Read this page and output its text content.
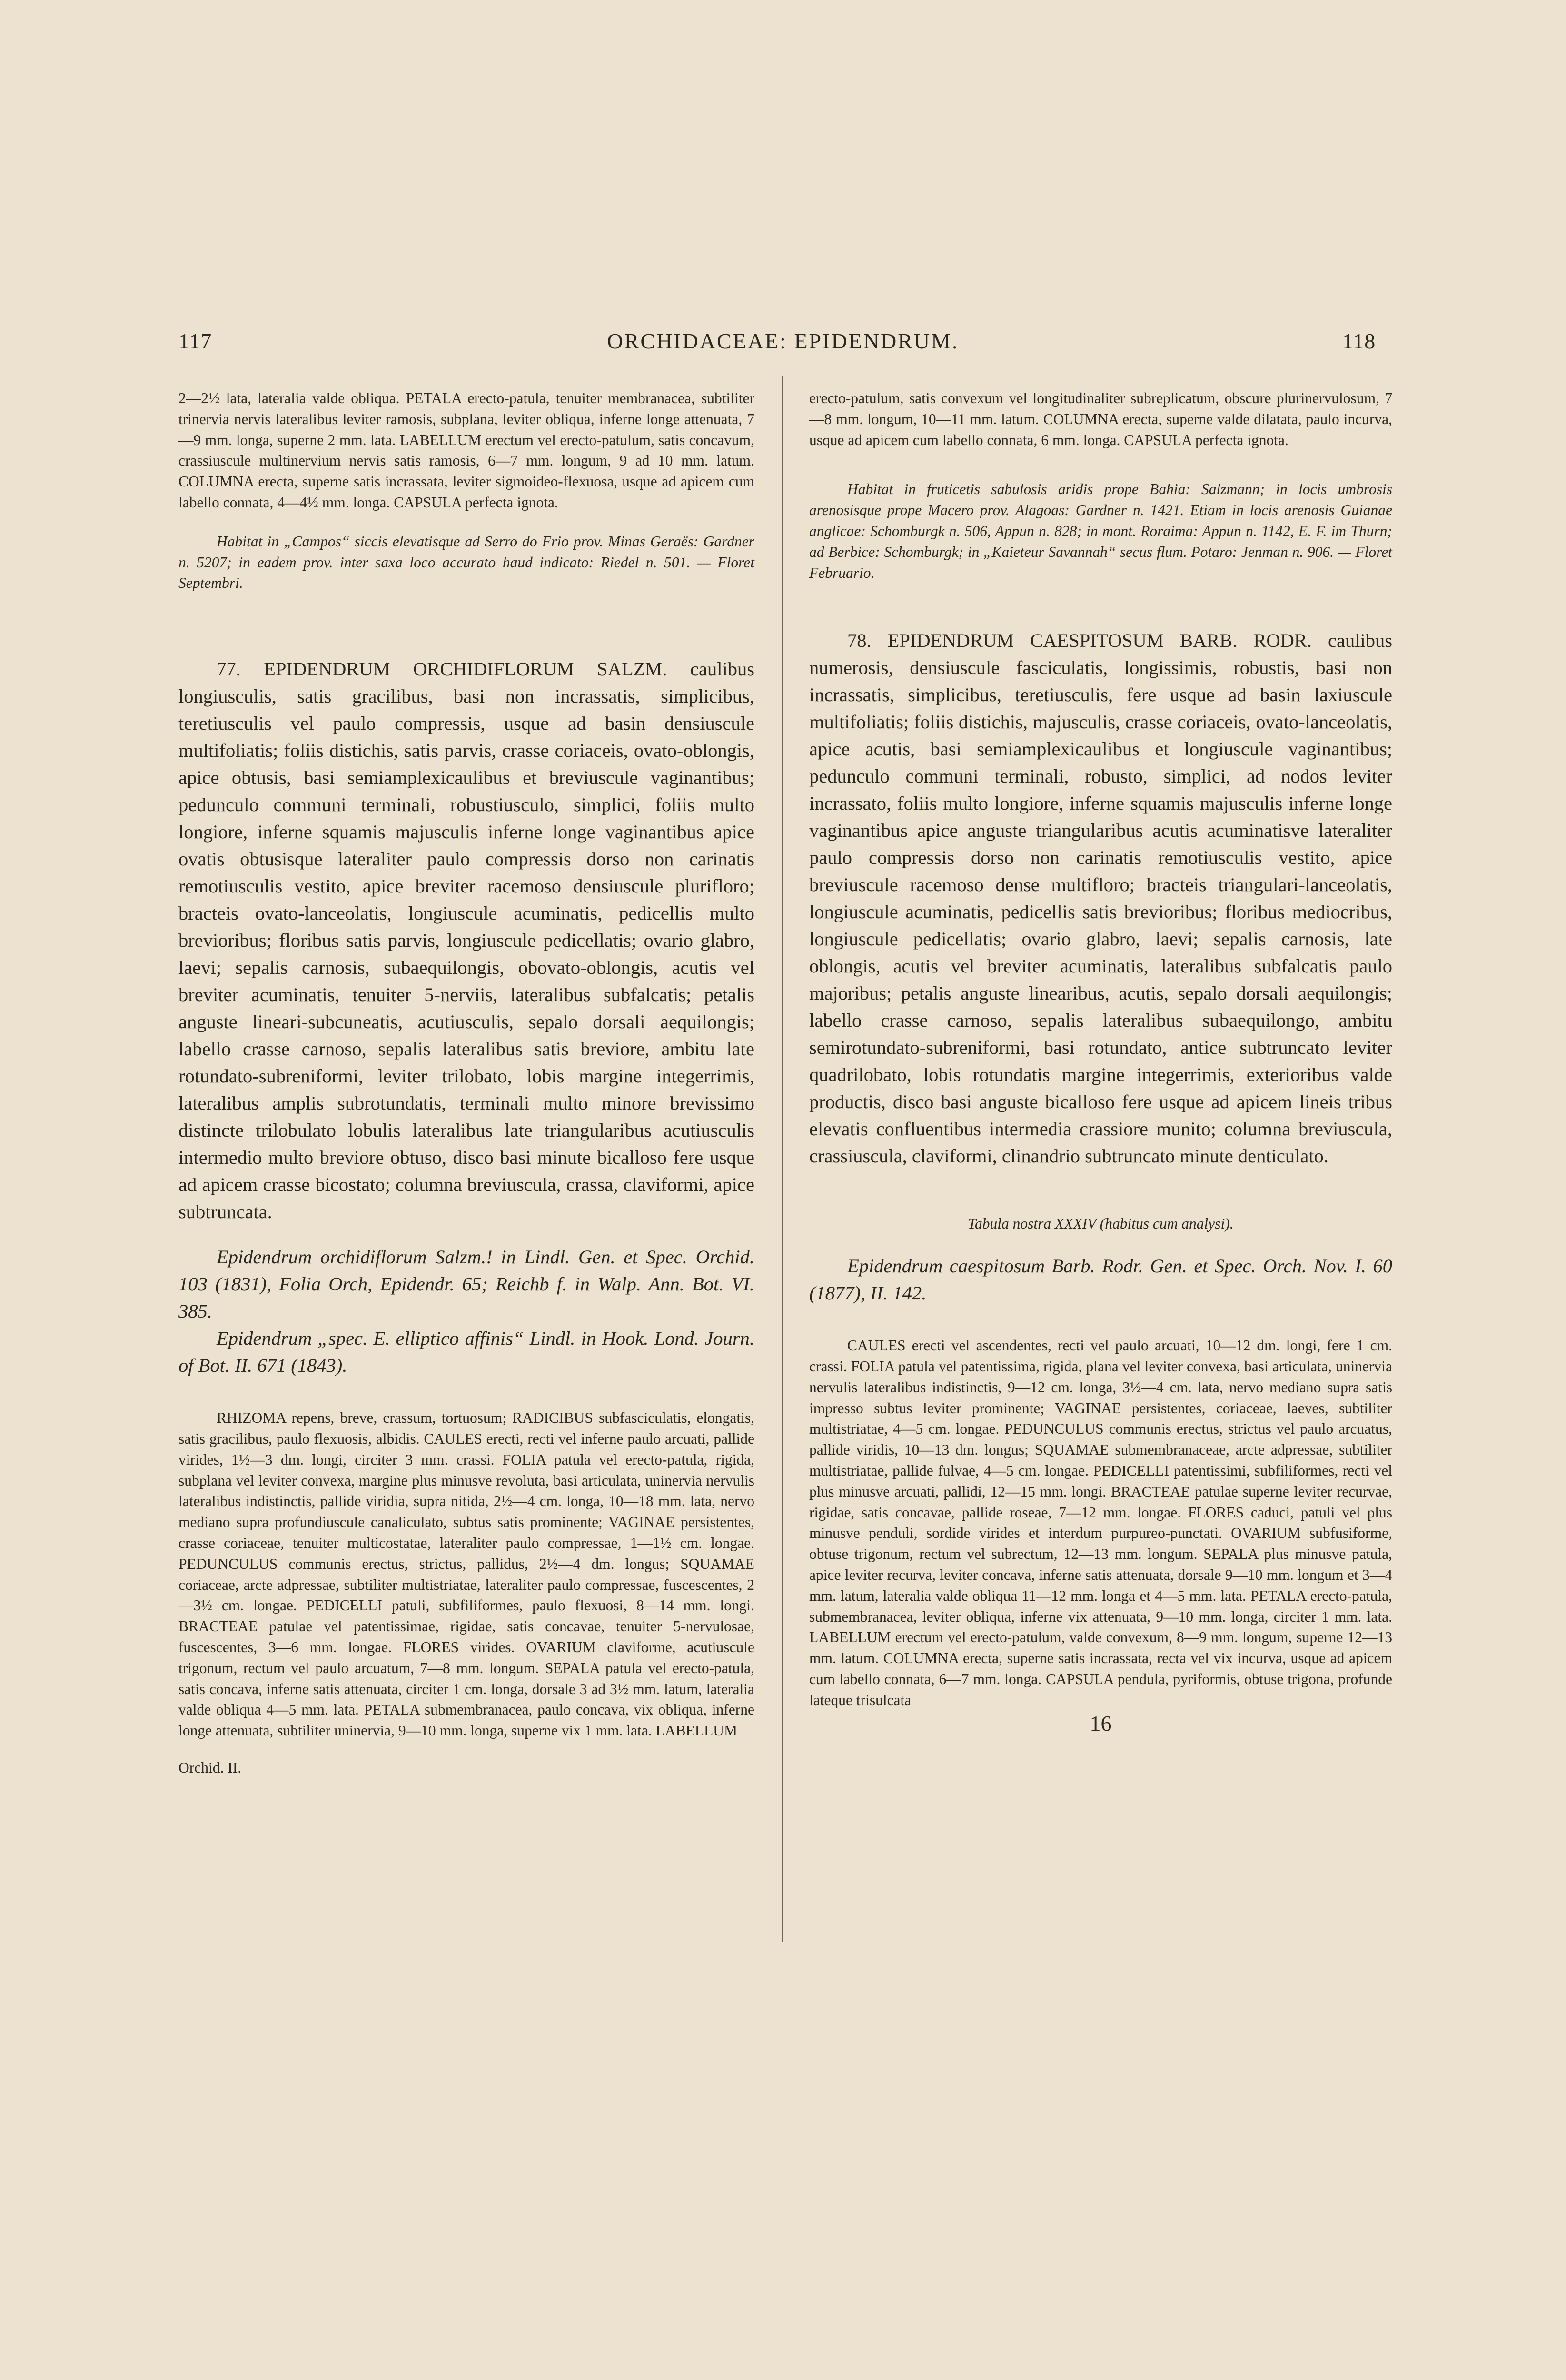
117	ORCHIDACEAE: EPIDENDRUM.	118

2—2½ lata, lateralia valde obliqua. PETALA erecto-patula, tenuiter membranacea, subtiliter trinervia nervis lateralibus leviter ramosis, subplana, leviter obliqua, inferne longe attenuata, 7—9 mm. longa, superne 2 mm. lata. LABELLUM erectum vel erecto-patulum, satis concavum, crassiuscule multinervium nervis satis ramosis, 6—7 mm. longum, 9 ad 10 mm. latum. COLUMNA erecta, superne satis incrassata, leviter sigmoideo-flexuosa, usque ad apicem cum labello connata, 4—4½ mm. longa. CAPSULA perfecta ignota.

Habitat in „Campos“ siccis elevatisque ad Serro do Frio prov. Minas Geraës: Gardner n. 5207; in eadem prov. inter saxa loco accurato haud indicato: Riedel n. 501. — Floret Septembri.

77. EPIDENDRUM ORCHIDIFLORUM SALZM. caulibus longiusculis, satis gracilibus, basi non incrassatis, simplicibus, teretiusculis vel paulo compressis, usque ad basin densiuscule multifoliatis; foliis distichis, satis parvis, crasse coriaceis, ovato-oblongis, apice obtusis, basi semiamplexicaulibus et breviuscule vaginantibus; pedunculo communi terminali, robustiusculo, simplici, foliis multo longiore, inferne squamis majusculis inferne longe vaginantibus apice ovatis obtusisque lateraliter paulo compressis dorso non carinatis remotiusculis vestito, apice breviter racemoso densiuscule plurifloro; bracteis ovato-lanceolatis, longiuscule acuminatis, pedicellis multo brevioribus; floribus satis parvis, longiuscule pedicellatis; ovario glabro, laevi; sepalis carnosis, subaequilongis, obovato-oblongis, acutis vel breviter acuminatis, tenuiter 5-nerviis, lateralibus subfalcatis; petalis anguste lineari-subcuneatis, acutiusculis, sepalo dorsali aequilongis; labello crasse carnoso, sepalis lateralibus satis breviore, ambitu late rotundato-subreniformi, leviter trilobato, lobis margine integerrimis, lateralibus amplis subrotundatis, terminali multo minore brevissimo distincte trilobulato lobulis lateralibus late triangularibus acutiusculis intermedio multo breviore obtuso, disco basi minute bicalloso fere usque ad apicem crasse bicostato; columna breviuscula, crassa, claviformi, apice subtruncata.

Epidendrum orchidiflorum Salzm.! in Lindl. Gen. et Spec. Orchid. 103 (1831), Folia Orch, Epidendr. 65; Reichb f. in Walp. Ann. Bot. VI. 385.

Epidendrum „spec. E. elliptico affinis“ Lindl. in Hook. Lond. Journ. of Bot. II. 671 (1843).

RHIZOMA repens, breve, crassum, tortuosum; RADICIBUS subfasciculatis, elongatis, satis gracilibus, paulo flexuosis, albidis. CAULES erecti, recti vel inferne paulo arcuati, pallide virides, 1½—3 dm. longi, circiter 3 mm. crassi. FOLIA patula vel erecto-patula, rigida, subplana vel leviter convexa, margine plus minusve revoluta, basi articulata, uninervia nervulis lateralibus indistinctis, pallide viridia, supra nitida, 2½—4 cm. longa, 10—18 mm. lata, nervo mediano supra profundiuscule canaliculato, subtus satis prominente; VAGINAE persistentes, crasse coriaceae, tenuiter multicostatae, lateraliter paulo compressae, 1—1½ cm. longae. PEDUNCULUS communis erectus, strictus, pallidus, 2½—4 dm. longus; SQUAMAE coriaceae, arcte adpressae, subtiliter multistriatae, lateraliter paulo compressae, fuscescentes, 2—3½ cm. longae. PEDICELLI patuli, subfiliformes, paulo flexuosi, 8—14 mm. longi. BRACTEAE patulae vel patentissimae, rigidae, satis concavae, tenuiter 5-nervulosae, fuscescentes, 3—6 mm. longae. FLORES virides. OVARIUM claviforme, acutiuscule trigonum, rectum vel paulo arcuatum, 7—8 mm. longum. SEPALA patula vel erecto-patula, satis concava, inferne satis attenuata, circiter 1 cm. longa, dorsale 3 ad 3½ mm. latum, lateralia valde obliqua 4—5 mm. lata. PETALA submembranacea, paulo concava, vix obliqua, inferne longe attenuata, subtiliter uninervia, 9—10 mm. longa, superne vix 1 mm. lata. LABELLUM

Orchid. II.

erecto-patulum, satis convexum vel longitudinaliter subreplicatum, obscure plurinervulosum, 7—8 mm. longum, 10—11 mm. latum. COLUMNA erecta, superne valde dilatata, paulo incurva, usque ad apicem cum labello connata, 6 mm. longa. CAPSULA perfecta ignota.

Habitat in fruticetis sabulosis aridis prope Bahia: Salzmann; in locis umbrosis arenosisque prope Macero prov. Alagoas: Gardner n. 1421. Etiam in locis arenosis Guianae anglicae: Schomburgk n. 506, Appun n. 828; in mont. Roraima: Appun n. 1142, E. F. im Thurn; ad Berbice: Schomburgk; in „Kaieteur Savannah“ secus flum. Potaro: Jenman n. 906. — Floret Februario.

78. EPIDENDRUM CAESPITOSUM BARB. RODR. caulibus numerosis, densiuscule fasciculatis, longissimis, robustis, basi non incrassatis, simplicibus, teretiusculis, fere usque ad basin laxiuscule multifoliatis; foliis distichis, majusculis, crasse coriaceis, ovato-lanceolatis, apice acutis, basi semiamplexicaulibus et longiuscule vaginantibus; pedunculo communi terminali, robusto, simplici, ad nodos leviter incrassato, foliis multo longiore, inferne squamis majusculis inferne longe vaginantibus apice anguste triangularibus acutis acuminatisve lateraliter paulo compressis dorso non carinatis remotiusculis vestito, apice breviuscule racemoso dense multifloro; bracteis triangulari-lanceolatis, longiuscule acuminatis, pedicellis satis brevioribus; floribus mediocribus, longiuscule pedicellatis; ovario glabro, laevi; sepalis carnosis, late oblongis, acutis vel breviter acuminatis, lateralibus subfalcatis paulo majoribus; petalis anguste linearibus, acutis, sepalo dorsali aequilongis; labello crasse carnoso, sepalis lateralibus subaequilongo, ambitu semirotundato-subreniformi, basi rotundato, antice subtruncato leviter quadrilobato, lobis rotundatis margine integerrimis, exterioribus valde productis, disco basi anguste bicalloso fere usque ad apicem lineis tribus elevatis confluentibus intermedia crassiore munito; columna breviuscula, crassiuscula, claviformi, clinandrio subtruncato minute denticulato.

Tabula nostra XXXIV (habitus cum analysi).

Epidendrum caespitosum Barb. Rodr. Gen. et Spec. Orch. Nov. I. 60 (1877), II. 142.

CAULES erecti vel ascendentes, recti vel paulo arcuati, 10—12 dm. longi, fere 1 cm. crassi. FOLIA patula vel patentissima, rigida, plana vel leviter convexa, basi articulata, uninervia nervulis lateralibus indistinctis, 9—12 cm. longa, 3½—4 cm. lata, nervo mediano supra satis impresso subtus leviter prominente; VAGINAE persistentes, coriaceae, laeves, subtiliter multistriatae, 4—5 cm. longae. PEDUNCULUS communis erectus, strictus vel paulo arcuatus, pallide viridis, 10—13 dm. longus; SQUAMAE submembranaceae, arcte adpressae, subtiliter multistriatae, pallide fulvae, 4—5 cm. longae. PEDICELLI patentissimi, subfiliformes, recti vel plus minusve arcuati, pallidi, 12—15 mm. longi. BRACTEAE patulae superne leviter recurvae, rigidae, satis concavae, pallide roseae, 7—12 mm. longae. FLORES caduci, patuli vel plus minusve penduli, sordide virides et interdum purpureo-punctati. OVARIUM subfusiforme, obtuse trigonum, rectum vel subrectum, 12—13 mm. longum. SEPALA plus minusve patula, apice leviter recurva, leviter concava, inferne satis attenuata, dorsale 9—10 mm. longum et 3—4 mm. latum, lateralia valde obliqua 11—12 mm. longa et 4—5 mm. lata. PETALA erecto-patula, submembranacea, leviter obliqua, inferne vix attenuata, 9—10 mm. longa, circiter 1 mm. lata. LABELLUM erectum vel erecto-patulum, valde convexum, 8—9 mm. longum, superne 12—13 mm. latum. COLUMNA erecta, superne satis incrassata, recta vel vix incurva, usque ad apicem cum labello connata, 6—7 mm. longa. CAPSULA pendula, pyriformis, obtuse trigona, profunde lateque trisulcata

16
